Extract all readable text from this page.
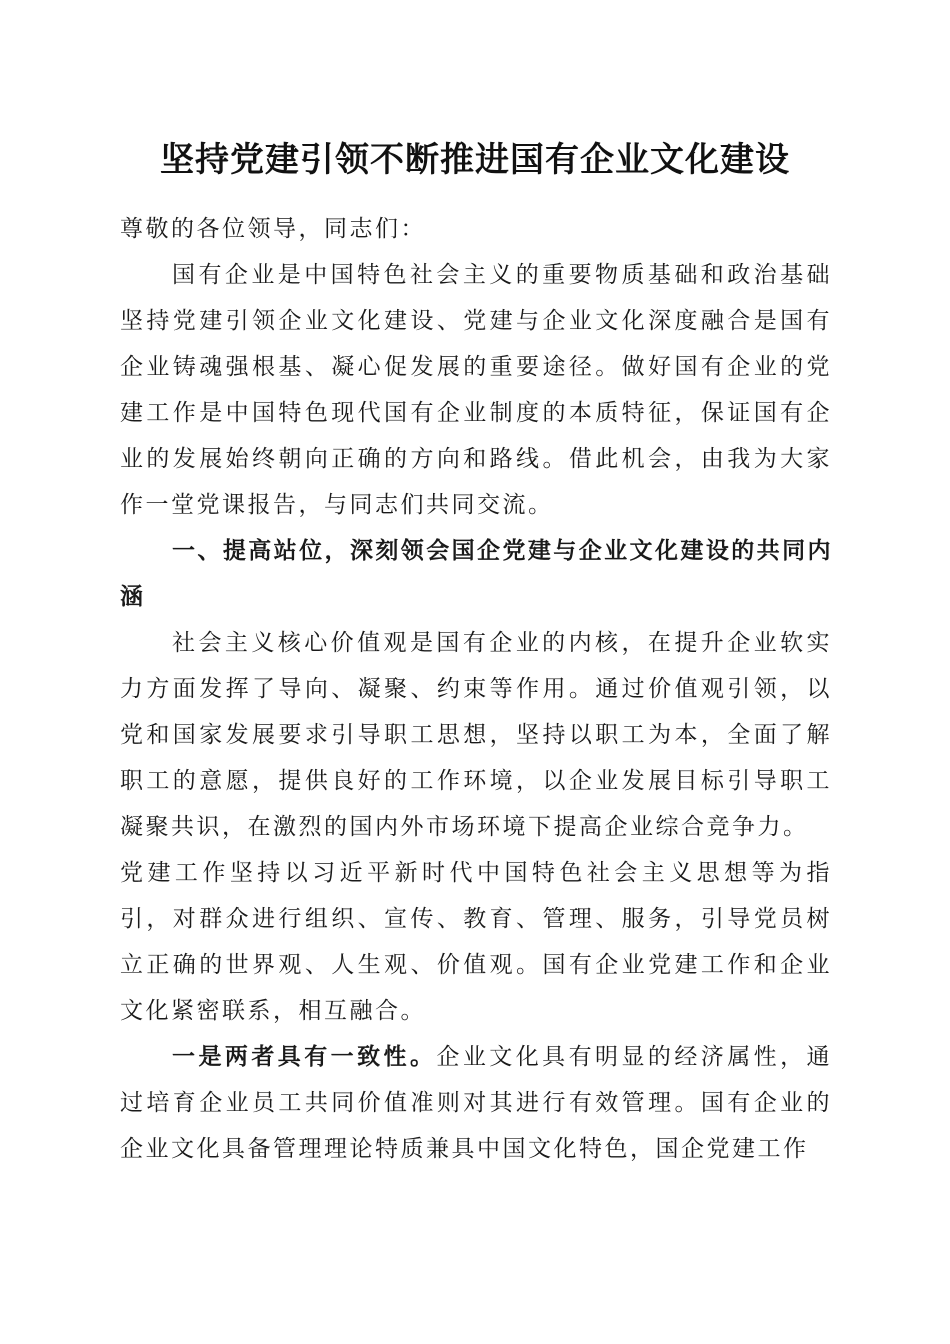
坚持党建引领不断推进国有企业文化建设

尊敬的各位领导，同志们：

国有企业是中国特色社会主义的重要物质基础和政治基础坚持党建引领企业文化建设、党建与企业文化深度融合是国有企业铸魂强根基、凝心促发展的重要途径。做好国有企业的党建工作是中国特色现代国有企业制度的本质特征，保证国有企业的发展始终朝向正确的方向和路线。借此机会，由我为大家作一堂党课报告，与同志们共同交流。

一、提高站位，深刻领会国企党建与企业文化建设的共同内涵

社会主义核心价值观是国有企业的内核，在提升企业软实力方面发挥了导向、凝聚、约束等作用。通过价值观引领，以党和国家发展要求引导职工思想，坚持以职工为本，全面了解职工的意愿，提供良好的工作环境，以企业发展目标引导职工凝聚共识，在激烈的国内外市场环境下提高企业综合竞争力。

党建工作坚持以习近平新时代中国特色社会主义思想等为指引，对群众进行组织、宣传、教育、管理、服务，引导党员树立正确的世界观、人生观、价值观。国有企业党建工作和企业文化紧密联系，相互融合。

一是两者具有一致性。企业文化具有明显的经济属性，通过培育企业员工共同价值准则对其进行有效管理。国有企业的企业文化具备管理理论特质兼具中国文化特色，国企党建工作
